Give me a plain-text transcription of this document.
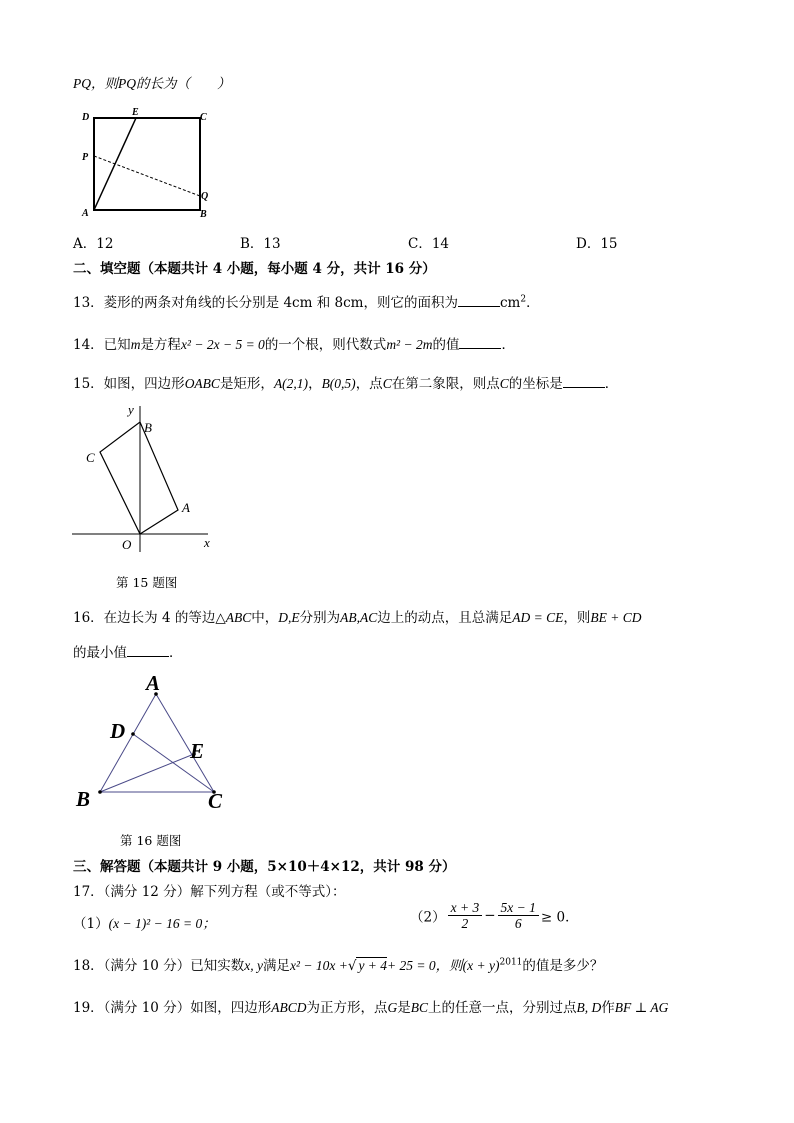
PQ，则PQ的长为（　　）
D	E	C
P
Q
A	B
A．12	B．13	C．14	D．15
二、填空题（本题共计 4 小题，每小题 4 分，共计 16 分）
13．菱形的两条对角线的长分别是 4cm 和 8cm，则它的面积为	$cm^2$．
14．已知m是方程x² − 2x − 5 = 0的一个根，则代数式m² − 2m的值	．
15．如图，四边形OABC是矩形，A(2,1)，B(0,5)，点C在第二象限，则点C的坐标是	．
y
B
C
A
O	x
第 15 题图
16．在边长为 4 的等边△ABC中，D,E分别为AB,AC边上的动点，且总满足AD = CE，则BE + CD
的最小值	．
A
D
E
B	C
第 16 题图
三、解答题（本题共计 9 小题，5×10＋4×12，共计 98 分）
17．（满分 12 分）解下列方程（或不等式）：
（1）(x − 1)² − 16 = 0；	$(2) \frac{x + 3}{2} - \frac{5x - 1}{6} \ge 0$．
18．（满分 10 分）已知实数x, y满足x² − 10x +√ y + 4+ 25 = 0，则$(x + y)^{2011}$的值是多少？
19．（满分 10 分）如图，四边形ABCD为正方形，点G是BC上的任意一点，分别过点B, D作BF ⊥ AG
